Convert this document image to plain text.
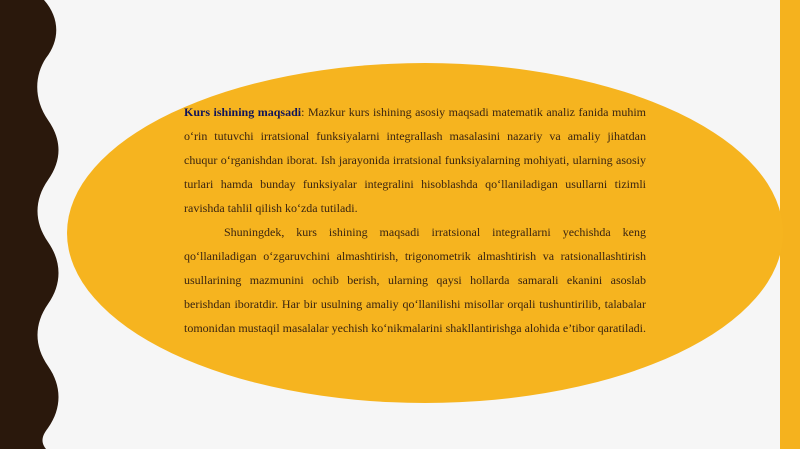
Kurs ishining maqsadi: Mazkur kurs ishining asosiy maqsadi matematik analiz fanida muhim o‘rin tutuvchi irratsional funksiyalarni integrallash masalasini nazariy va amaliy jihatdan chuqur o‘rganishdan iborat. Ish jarayonida irratsional funksiyalarning mohiyati, ularning asosiy turlari hamda bunday funksiyalar integralini hisoblashda qo‘llaniladigan usullarni tizimli ravishda tahlil qilish ko‘zda tutiladi.

Shuningdek, kurs ishining maqsadi irratsional integrallarni yechishda keng qo‘llaniladigan o‘zgaruvchini almashtirish, trigonometrik almashtirish va ratsionallashtirish usullarining mazmunini ochib berish, ularning qaysi hollarda samarali ekanini asoslab berishdan iboratdir. Har bir usulning amaliy qo‘llanilishi misollar orqali tushuntirilib, talabalar tomonidan mustaqil masalalar yechish ko‘nikmalarini shakllantirishga alohida e’tibor qaratiladi.
